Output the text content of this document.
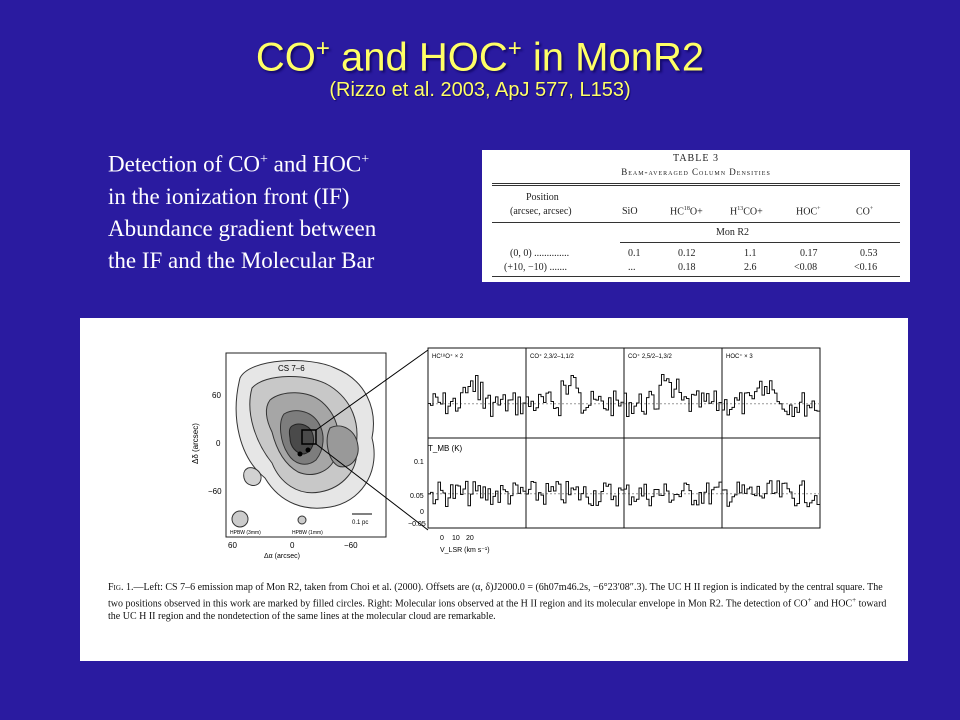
CO+ and HOC+ in MonR2
(Rizzo et al. 2003, ApJ 577, L153)
Detection of CO+ and HOC+
in the ionization front (IF)
Abundance gradient between
the IF and the Molecular Bar
TABLE 3
Beam-averaged Column Densities
Position
(arcsec, arcsec)	SiO	$HC^{18}O+$	$H^{13}CO+$	HOC+	CO+
Mon R2
(0, 0) ..............	0.1	0.12	1.1	0.17	0.53
(+10, −10) .......	...	0.18	2.6	<0.08	<0.16
CS 7–6
Δδ (arcsec)
60
0
−60
60	0	−60
Δα (arcsec)
HPBW (3mm)	HPBW (1mm)
0.1 pc
HC¹⁸O⁺ × 2	CO⁺ 2,3/2–1,1/2	CO⁺ 2,5/2–1,3/2	HOC⁺ × 3
T_MB (K)
0.1
0.05
0
−0.05
0 10 20
V_LSR (km s⁻¹)
Fig. 1.—Left: CS 7–6 emission map of Mon R2, taken from Choi et al. (2000). Offsets are (α, δ)J2000.0 = (6h07m46.2s, −6°23′08″.3). The UC H II region is indicated by the central square. The two positions observed in this work are marked by filled circles. Right: Molecular ions observed at the H II region and its molecular envelope in Mon R2. The detection of CO+ and HOC+ toward the UC H II region and the nondetection of the same lines at the molecular cloud are remarkable.
